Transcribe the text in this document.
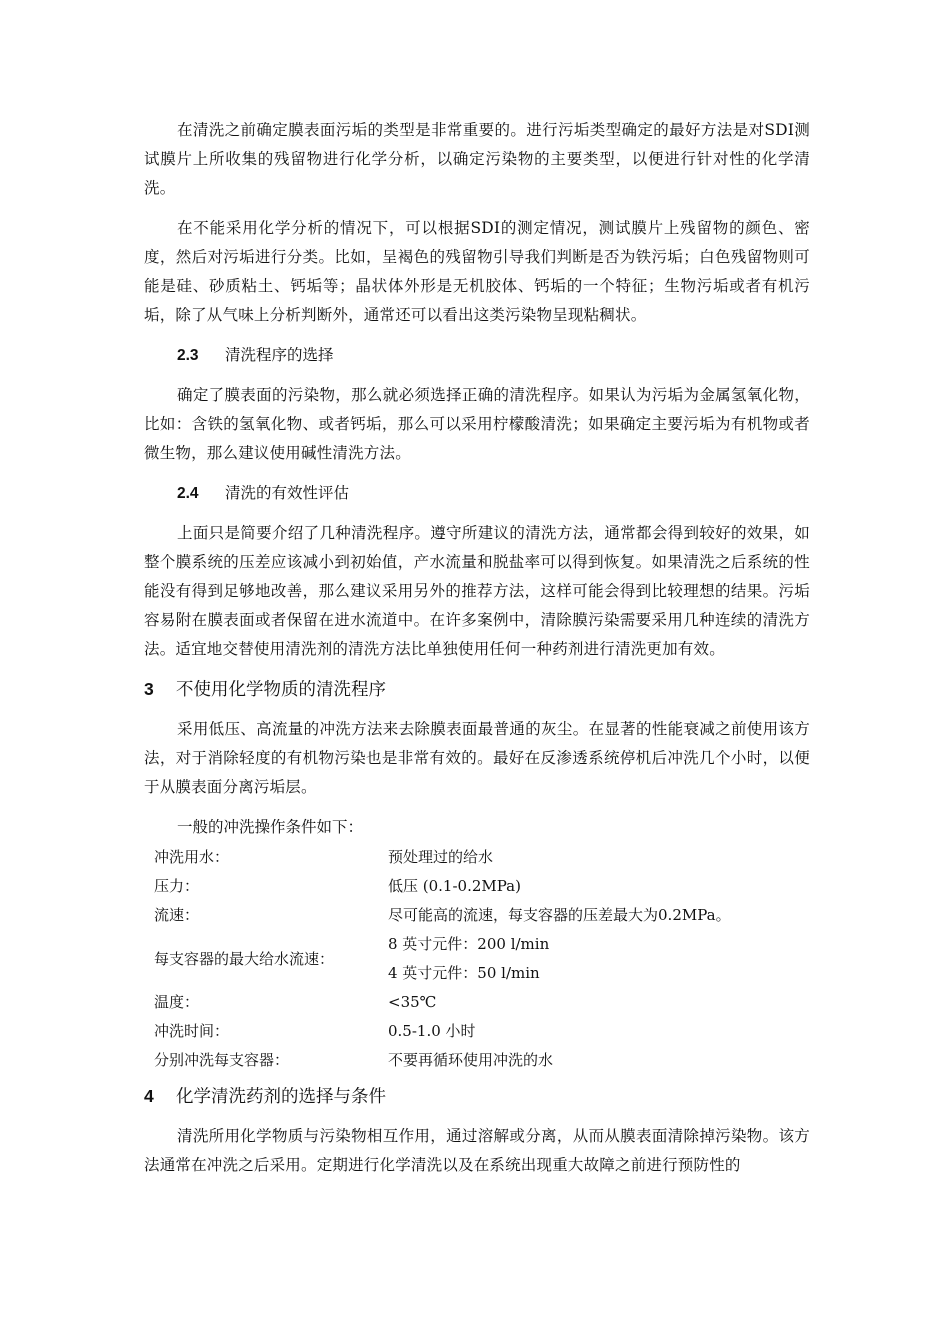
在清洗之前确定膜表面污垢的类型是非常重要的。进行污垢类型确定的最好方法是对SDI测试膜片上所收集的残留物进行化学分析，以确定污染物的主要类型，以便进行针对性的化学清洗。

在不能采用化学分析的情况下，可以根据SDI的测定情况，测试膜片上残留物的颜色、密度，然后对污垢进行分类。比如，呈褐色的残留物引导我们判断是否为铁污垢；白色残留物则可能是硅、砂质粘土、钙垢等；晶状体外形是无机胶体、钙垢的一个特征；生物污垢或者有机污垢，除了从气味上分析判断外，通常还可以看出这类污染物呈现粘稠状。

2.3 清洗程序的选择

确定了膜表面的污染物，那么就必须选择正确的清洗程序。如果认为污垢为金属氢氧化物，比如：含铁的氢氧化物、或者钙垢，那么可以采用柠檬酸清洗；如果确定主要污垢为有机物或者微生物，那么建议使用碱性清洗方法。

2.4 清洗的有效性评估

上面只是简要介绍了几种清洗程序。遵守所建议的清洗方法，通常都会得到较好的效果，如整个膜系统的压差应该减小到初始值，产水流量和脱盐率可以得到恢复。如果清洗之后系统的性能没有得到足够地改善，那么建议采用另外的推荐方法，这样可能会得到比较理想的结果。污垢容易附在膜表面或者保留在进水流道中。在许多案例中，清除膜污染需要采用几种连续的清洗方法。适宜地交替使用清洗剂的清洗方法比单独使用任何一种药剂进行清洗更加有效。

3 不使用化学物质的清洗程序

采用低压、高流量的冲洗方法来去除膜表面最普通的灰尘。在显著的性能衰减之前使用该方法，对于消除轻度的有机物污染也是非常有效的。最好在反渗透系统停机后冲洗几个小时，以便于从膜表面分离污垢层。

一般的冲洗操作条件如下：
冲洗用水：	预处理过的给水
压力：	低压 (0.1-0.2MPa)
流速：	尽可能高的流速，每支容器的压差最大为0.2MPa。
每支容器的最大给水流速：	8 英寸元件：200 l/min
	4 英寸元件：50 l/min
温度：	<35℃
冲洗时间：	0.5-1.0 小时
分别冲洗每支容器：	不要再循环使用冲洗的水
4 化学清洗药剂的选择与条件

清洗所用化学物质与污染物相互作用，通过溶解或分离，从而从膜表面清除掉污染物。该方法通常在冲洗之后采用。定期进行化学清洗以及在系统出现重大故障之前进行预防性的
